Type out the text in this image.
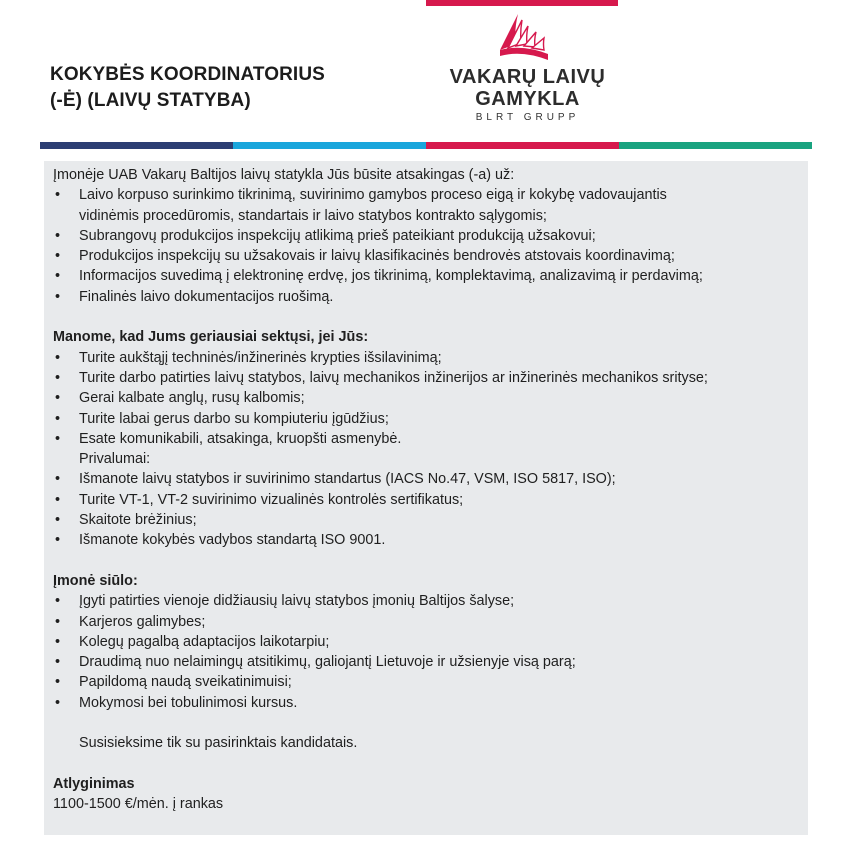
KOKYBĖS KOORDINATORIUS
(-Ė) (LAIVŲ STATYBA)
VAKARŲ LAIVŲ
GAMYKLA
BLRT GRUPP

Įmonėje UAB Vakarų Baltijos laivų statykla Jūs būsite atsakingas (-a) už:

• Laivo korpuso surinkimo tikrinimą, suvirinimo gamybos proceso eigą ir kokybę vadovaujantis
vidinėmis procedūromis, standartais ir laivo statybos kontrakto sąlygomis;
• Subrangovų produkcijos inspekcijų atlikimą prieš pateikiant produkciją užsakovui;
• Produkcijos inspekcijų su užsakovais ir laivų klasifikacinės bendrovės atstovais koordinavimą;
• Informacijos suvedimą į elektroninę erdvę, jos tikrinimą, komplektavimą, analizavimą ir perdavimą;
• Finalinės laivo dokumentacijos ruošimą.

Manome, kad Jums geriausiai sektųsi, jei Jūs:

• Turite aukštąjį techninės/inžinerinės krypties išsilavinimą;
• Turite darbo patirties laivų statybos, laivų mechanikos inžinerijos ar inžinerinės mechanikos srityse;
• Gerai kalbate anglų, rusų kalbomis;
• Turite labai gerus darbo su kompiuteriu įgūdžius;
• Esate komunikabili, atsakinga, kruopšti asmenybė.

Privalumai:

• Išmanote laivų statybos ir suvirinimo standartus (IACS No.47, VSM, ISO 5817, ISO);
• Turite VT-1, VT-2 suvirinimo vizualinės kontrolės sertifikatus;
• Skaitote brėžinius;
• Išmanote kokybės vadybos standartą ISO 9001.

Įmonė siūlo:

• Įgyti patirties vienoje didžiausių laivų statybos įmonių Baltijos šalyse;
• Karjeros galimybes;
• Kolegų pagalbą adaptacijos laikotarpiu;
• Draudimą nuo nelaimingų atsitikimų, galiojantį Lietuvoje ir užsienyje visą parą;
• Papildomą naudą sveikatinimuisi;
• Mokymosi bei tobulinimosi kursus.

Susisieksime tik su pasirinktais kandidatais.

Atlyginimas

1100-1500 €/mėn. į rankas
